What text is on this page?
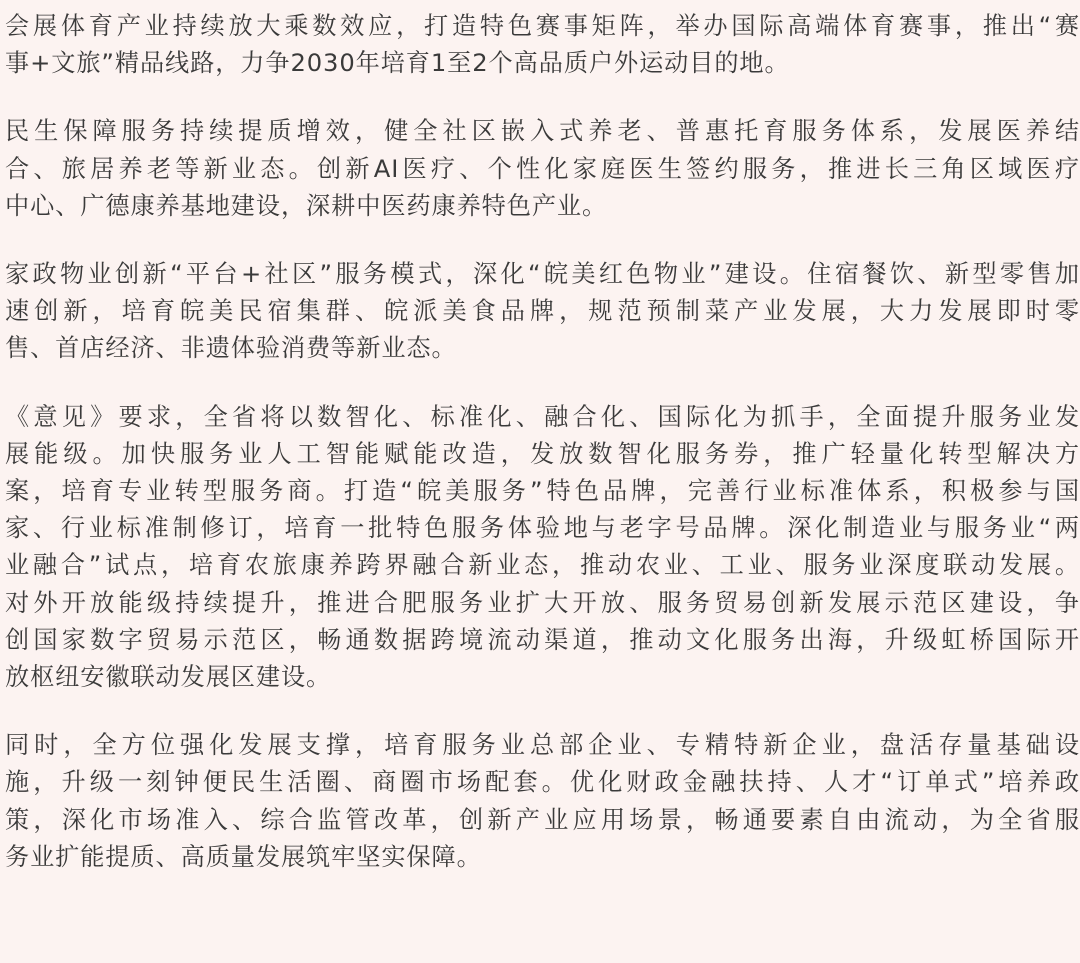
会展体育产业持续放大乘数效应，打造特色赛事矩阵，举办国际高端体育赛事，推出“赛
事+文旅”精品线路，力争2030年培育1至2个高品质户外运动目的地。

民生保障服务持续提质增效，健全社区嵌入式养老、普惠托育服务体系，发展医养结
合、旅居养老等新业态。创新AI医疗、个性化家庭医生签约服务，推进长三角区域医疗
中心、广德康养基地建设，深耕中医药康养特色产业。

家政物业创新“平台+社区”服务模式，深化“皖美红色物业”建设。住宿餐饮、新型零售加
速创新，培育皖美民宿集群、皖派美食品牌，规范预制菜产业发展，大力发展即时零
售、首店经济、非遗体验消费等新业态。

《意见》要求，全省将以数智化、标准化、融合化、国际化为抓手，全面提升服务业发
展能级。加快服务业人工智能赋能改造，发放数智化服务券，推广轻量化转型解决方
案，培育专业转型服务商。打造“皖美服务”特色品牌，完善行业标准体系，积极参与国
家、行业标准制修订，培育一批特色服务体验地与老字号品牌。深化制造业与服务业“两
业融合”试点，培育农旅康养跨界融合新业态，推动农业、工业、服务业深度联动发展。
对外开放能级持续提升，推进合肥服务业扩大开放、服务贸易创新发展示范区建设，争
创国家数字贸易示范区，畅通数据跨境流动渠道，推动文化服务出海，升级虹桥国际开
放枢纽安徽联动发展区建设。

同时，全方位强化发展支撑，培育服务业总部企业、专精特新企业，盘活存量基础设
施，升级一刻钟便民生活圈、商圈市场配套。优化财政金融扶持、人才“订单式”培养政
策，深化市场准入、综合监管改革，创新产业应用场景，畅通要素自由流动，为全省服
务业扩能提质、高质量发展筑牢坚实保障。
